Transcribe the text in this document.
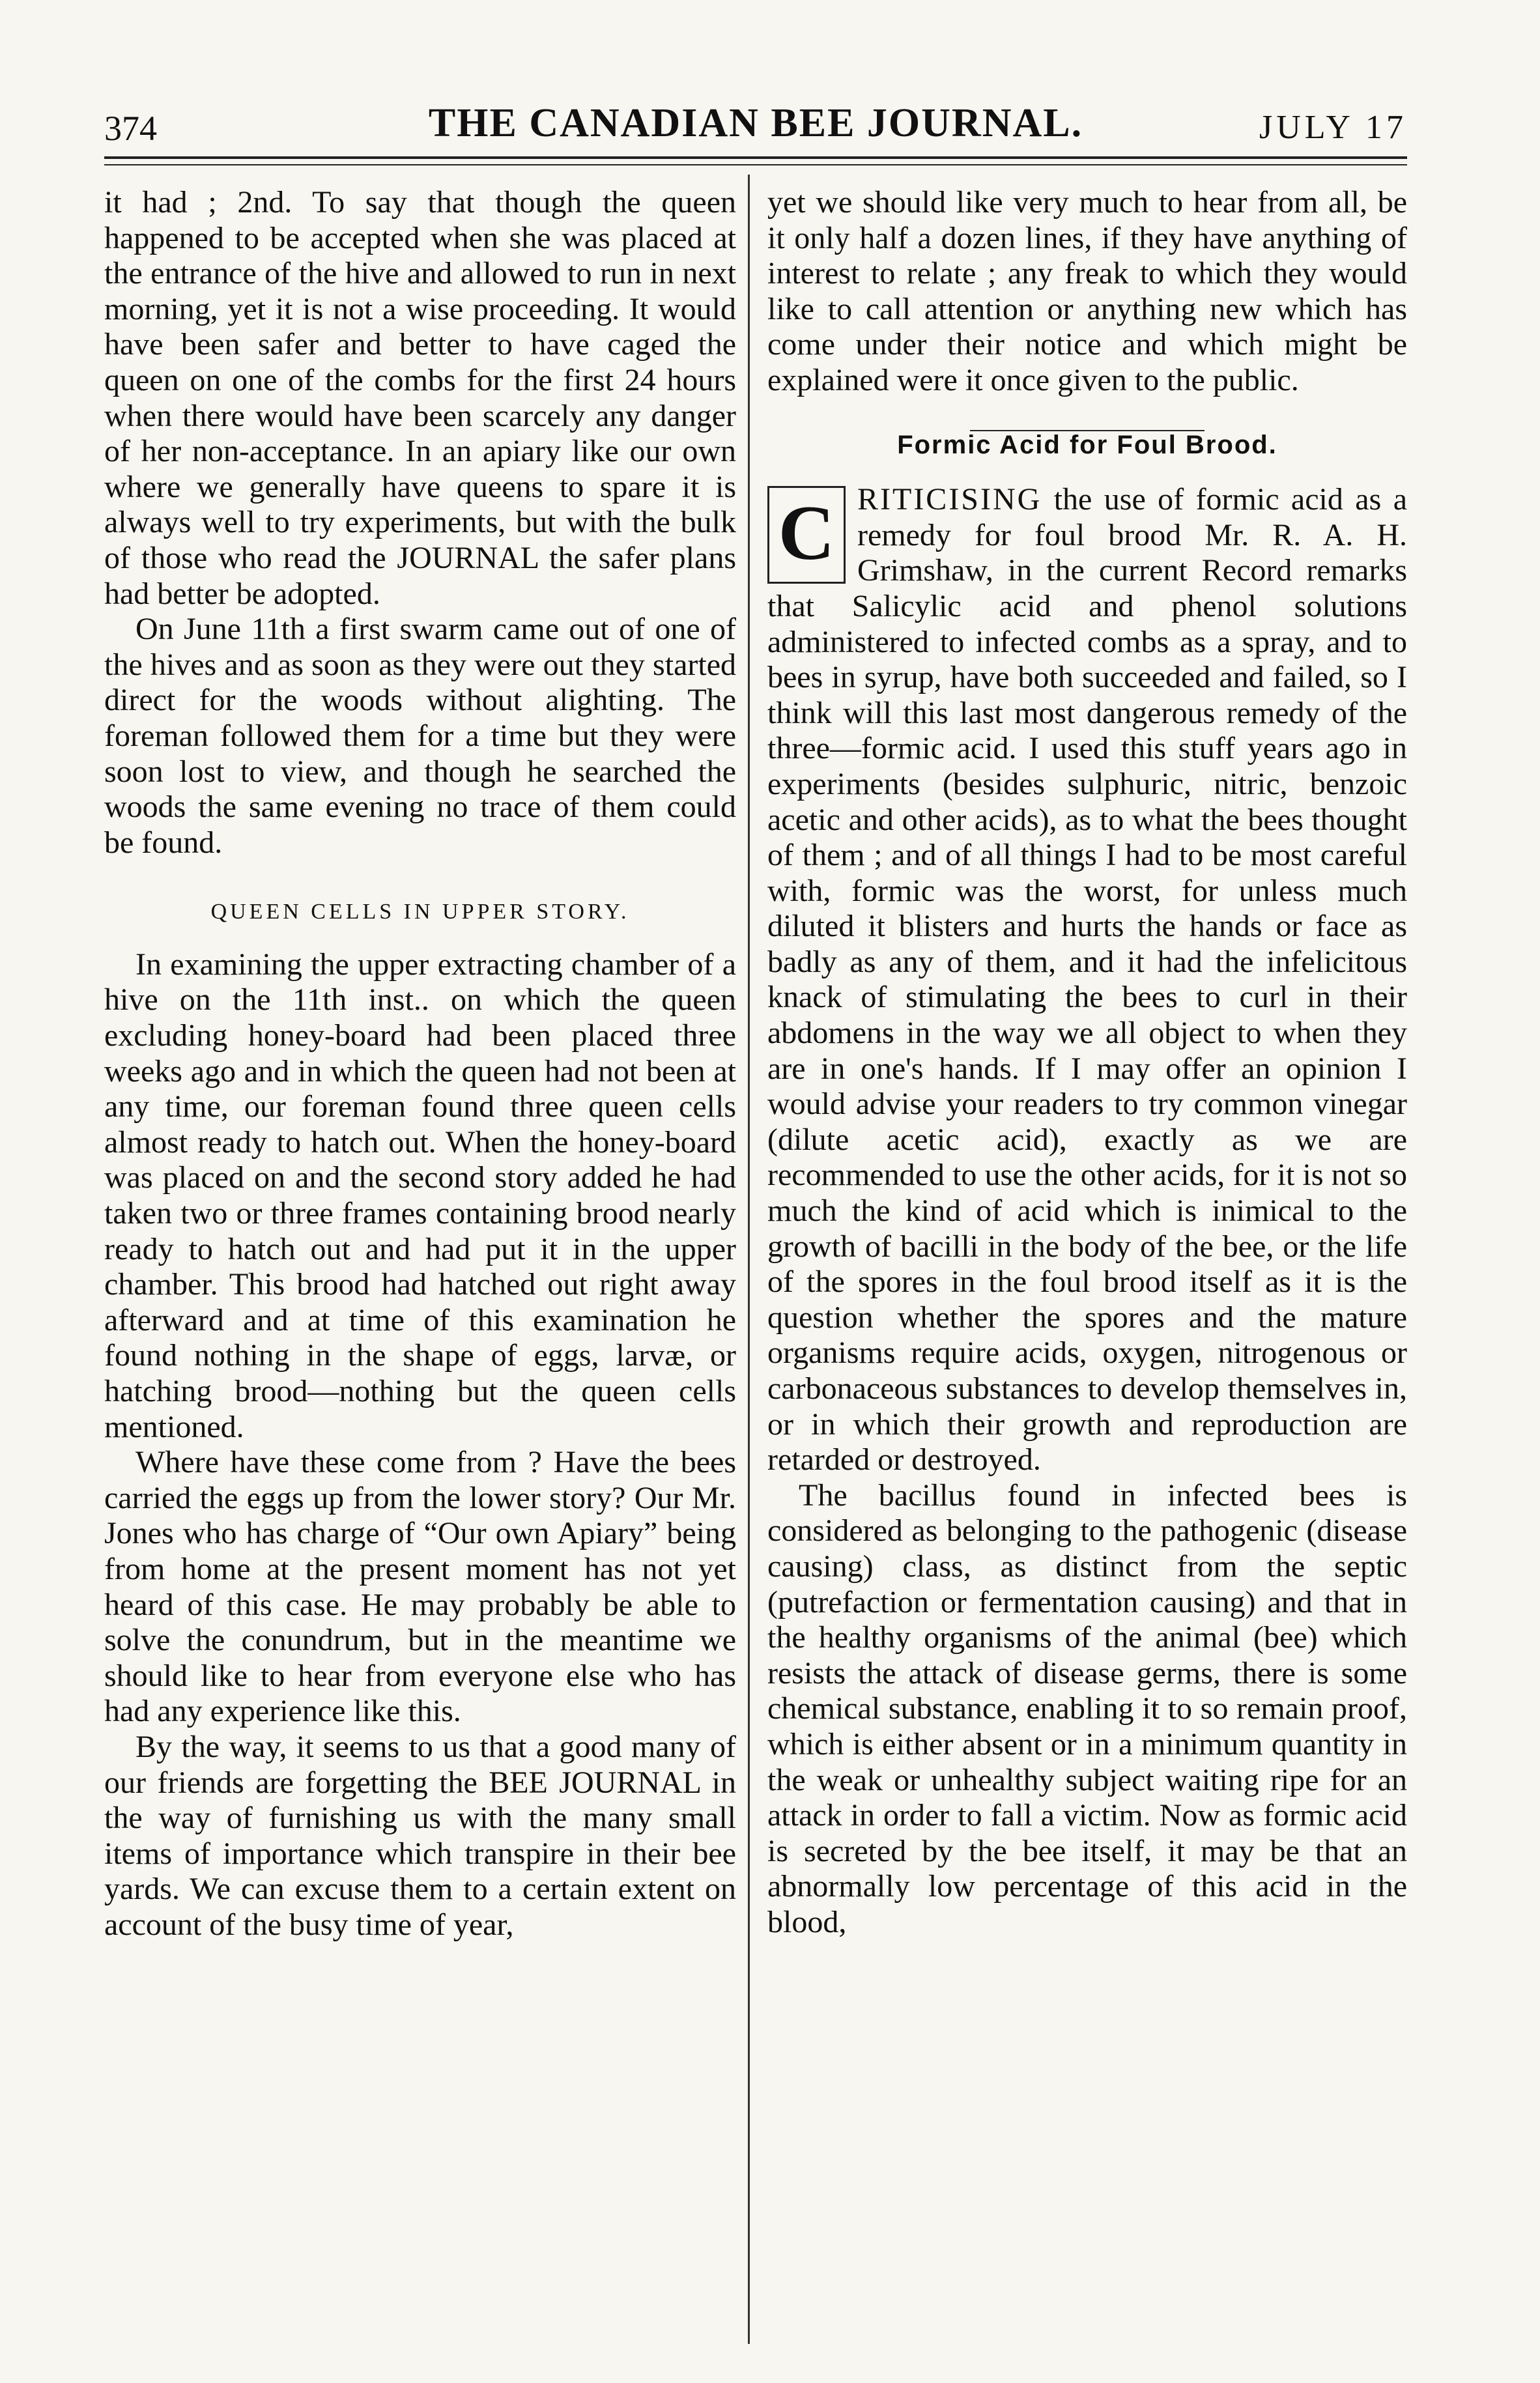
374	THE CANADIAN BEE JOURNAL.	JULY 17

it had ; 2nd. To say that though the queen happened to be accepted when she was placed at the entrance of the hive and allowed to run in next morning, yet it is not a wise proceeding. It would have been safer and better to have caged the queen on one of the combs for the first 24 hours when there would have been scarcely any danger of her non-acceptance. In an apiary like our own where we generally have queens to spare it is always well to try experiments, but with the bulk of those who read the JOURNAL the safer plans had better be adopted.

On June 11th a first swarm came out of one of the hives and as soon as they were out they started direct for the woods without alighting. The foreman followed them for a time but they were soon lost to view, and though he searched the woods the same evening no trace of them could be found.

QUEEN CELLS IN UPPER STORY.

In examining the upper extracting chamber of a hive on the 11th inst.. on which the queen excluding honey-board had been placed three weeks ago and in which the queen had not been at any time, our foreman found three queen cells almost ready to hatch out. When the honey-board was placed on and the second story added he had taken two or three frames containing brood nearly ready to hatch out and had put it in the upper chamber. This brood had hatched out right away afterward and at time of this examination he found nothing in the shape of eggs, larvæ, or hatching brood—nothing but the queen cells mentioned.

Where have these come from ? Have the bees carried the eggs up from the lower story? Our Mr. Jones who has charge of “Our own Apiary” being from home at the present moment has not yet heard of this case. He may probably be able to solve the conundrum, but in the meantime we should like to hear from everyone else who has had any experience like this.

By the way, it seems to us that a good many of our friends are forgetting the BEE JOURNAL in the way of furnishing us with the many small items of importance which transpire in their bee yards. We can excuse them to a certain extent on account of the busy time of year,

yet we should like very much to hear from all, be it only half a dozen lines, if they have anything of interest to relate ; any freak to which they would like to call attention or anything new which has come under their notice and which might be explained were it once given to the public.

Formic Acid for Foul Brood.
C RITICISING the use of formic acid as a remedy for foul brood Mr. R. A. H. Grimshaw, in the current Record remarks that Salicylic acid and phenol solutions administered to infected combs as a spray, and to bees in syrup, have both succeeded and failed, so I think will this last most dangerous remedy of the three—formic acid. I used this stuff years ago in experiments (besides sulphuric, nitric, benzoic acetic and other acids), as to what the bees thought of them ; and of all things I had to be most careful with, formic was the worst, for unless much diluted it blisters and hurts the hands or face as badly as any of them, and it had the infelicitous knack of stimulating the bees to curl in their abdomens in the way we all object to when they are in one's hands. If I may offer an opinion I would advise your readers to try common vinegar (dilute acetic acid), exactly as we are recommended to use the other acids, for it is not so much the kind of acid which is inimical to the growth of bacilli in the body of the bee, or the life of the spores in the foul brood itself as it is the question whether the spores and the mature organisms require acids, oxygen, nitrogenous or carbonaceous substances to develop themselves in, or in which their growth and reproduction are retarded or destroyed.

The bacillus found in infected bees is considered as belonging to the pathogenic (disease causing) class, as distinct from the septic (putrefaction or fermentation causing) and that in the healthy organisms of the animal (bee) which resists the attack of disease germs, there is some chemical substance, enabling it to so remain proof, which is either absent or in a minimum quantity in the weak or unhealthy subject waiting ripe for an attack in order to fall a victim. Now as formic acid is secreted by the bee itself, it may be that an abnormally low percentage of this acid in the blood,
